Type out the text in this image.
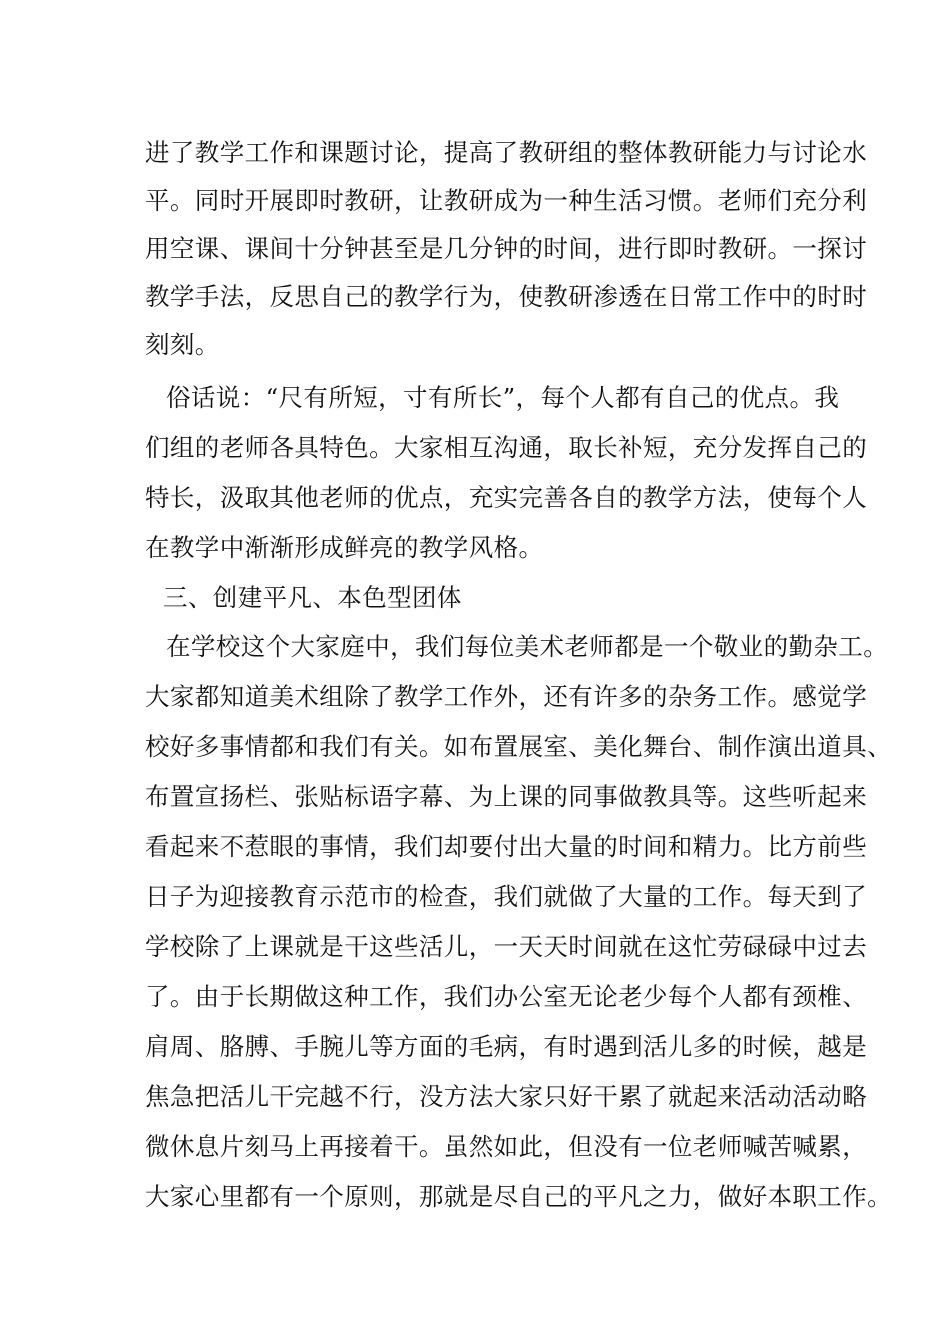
进了教学工作和课题讨论，提高了教研组的整体教研能力与讨论水
平。同时开展即时教研，让教研成为一种生活习惯。老师们充分利
用空课、课间十分钟甚至是几分钟的时间，进行即时教研。一探讨
教学手法，反思自己的教学行为，使教研渗透在日常工作中的时时
刻刻。
俗话说：“尺有所短，寸有所长”，每个人都有自己的优点。我
们组的老师各具特色。大家相互沟通，取长补短，充分发挥自己的
特长，汲取其他老师的优点，充实完善各自的教学方法，使每个人
在教学中渐渐形成鲜亮的教学风格。
三、创建平凡、本色型团体
在学校这个大家庭中，我们每位美术老师都是一个敬业的勤杂工。
大家都知道美术组除了教学工作外，还有许多的杂务工作。感觉学
校好多事情都和我们有关。如布置展室、美化舞台、制作演出道具、
布置宣扬栏、张贴标语字幕、为上课的同事做教具等。这些听起来
看起来不惹眼的事情，我们却要付出大量的时间和精力。比方前些
日子为迎接教育示范市的检查，我们就做了大量的工作。每天到了
学校除了上课就是干这些活儿，一天天时间就在这忙劳碌碌中过去
了。由于长期做这种工作，我们办公室无论老少每个人都有颈椎、
肩周、胳膊、手腕儿等方面的毛病，有时遇到活儿多的时候，越是
焦急把活儿干完越不行，没方法大家只好干累了就起来活动活动略
微休息片刻马上再接着干。虽然如此，但没有一位老师喊苦喊累，
大家心里都有一个原则，那就是尽自己的平凡之力，做好本职工作。
